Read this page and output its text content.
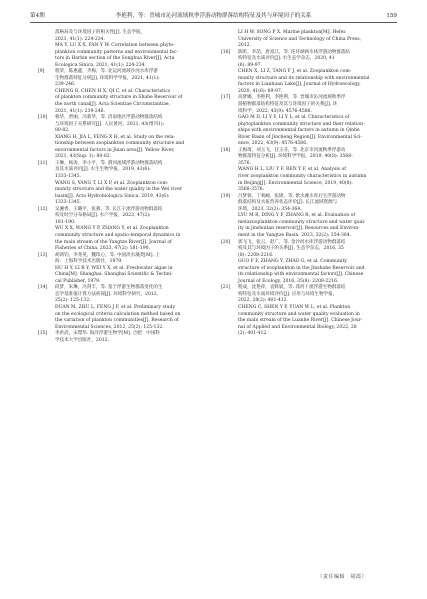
第4期	李艳利，等：晋城市沁河流域秋季浮游动物群落结构特征及其与环境因子的关系	159
落格局及与环境因子的相关性[J]. 生态学报，
2021, 41(1): 224-234.
MA Y, LU X X, FAN Y W. Correlation between phyto-
plankton community patterns and environmental fac-
tors in Harbin section of the Songhua River[J]. Acta
Ecologica Sinica, 2021, 41(1): 224-234.
[9] 程荣，陈惠鑫，齐梅，等. 北运河流域沙河水库浮游
生物群落特征分析[J]. 环境科学学报，2021, 41(1):
239-246.
CHENG R, CHEN H X, QI C, et al. Characteristics
of plankton community structure in Shahe Reservoir of
the north canal[J]. Acta Scientiae Circumstantiae,
2021, 41(1): 239-246.
[10] 相华，贾丽，冯新华，等. 济南地区浮游动物群落结构
与环境因子关系研究[J]. 人民黄河，2021, 43(增刊1):
80-82.
XIANG H, JIA L, FENG X H, et al. Study on the rela-
tionship between zooplankton community structure and
environmental factors in Jinan area[J]. Yellow River,
2021, 43(Sup. 1): 80-82.
[11] 王琳，杨涛，李小平，等. 渭河流域浮游动物群落结构
及其水质评价[J]. 水生生物学报，2019, 43(6):
1333-1345.
WANG S, YANG T, LI X P, et al. Zooplankton com-
munity structure and the water quality in the Wei river
basin[J]. Acta Hydrobiologica Sinica, 2019, 43(6):
1333-1345.
[12] 吴湘香，王璐平，张燕，等. 长江干流浮游动物群落结
构及时空分布格局[J]. 水产学报，2023, 47(2):
181-190.
WU X X, WANG Y P, ZHANG Y, et al. Zooplankton
community structure and spatio-temporal dynamics in
the main stream of the Yangtze River[J]. Journal of
Fisheries of China, 2023, 47(2): 181-190.
[13] 胡鸿钧，李尧英，魏印心，等. 中国淡水藻类[M]. 上
海：上海科学技术出版社，1979.
HU H Y, LI R Y, WEI Y X, et al. Freshwater algae in
China[M]. Shanghai: Shanghai Scientific & Techni-
cal Publisher, 1979.
[14] 段梦，朱琳，冯剑丰，等. 基于浮游生物群落变化的生
态学基准值计算方法初探[J]. 环境科学研究，2012,
25(2): 125-132.
DUAN M, ZHU L, FENG J F, et al. Preliminary study
on the ecological criteria calculation method based on
the variation of plankton communities[J]. Research of
Environmental Sciences, 2012, 25(2): 125-132.
[15] 李洪武，宋璟华. 海洋浮游生物学[M]. 合肥：中国科
学技术大学出版社，2012.
LI H W, SONG P X. Marine plankton[M]. Hefei:
University of Science and Technology of China Press,
2012.
[16] 陈昕，李喆，唐富江，等. 连环湖两水体浮游动物群落结
构特征及水质评价[J]. 水生态学杂志，2020, 41
(6): 89-97.
CHEN X, LI Z, TANG F J, et al. Zooplankton com-
munity structure and its relationship with environmental
factors in Lianhuan Lake[J]. Journal of Hydroecology,
2020, 41(6): 89-97.
[17] 高梦娜，李艳利，李艳利，等. 晋城市沁河流域秋季浮
游植物群落结构特征及其与环境因子的关系[J]. 环
境科学，2022, 43(9): 4576-4586.
GAO M D, LI Y F, LI Y L, et al. Characteristics of
phytoplankton community structure and their relation-
ships with environmental factors in autumn in Qinhe
River Basin of Jincheng Region[J]. Environmental Sci-
ence, 2022, 43(9): 4576-4586.
[18] 王梅琦，刘玉飞，任玉芬，等. 北京市河流秋季浮游动
物群落特征分析[J]. 环境科学学报，2019, 40(8): 3568-
3576.
WANG H L, LIU Y F, REN Y F, et al. Analysis of
river zooplankton community characteristics in autumn
in Beijing[J]. Environmental Science, 2019, 40(8):
3568-3576.
[19] 吕梦蓉，丁爽岫，张锦，等. 紫水滩水库后生浮游动物
群落结构及水质营养状态评价[J]. 长江流域资源与
环境，2023, 32(2): 354-364.
LYU M R, DING Y F, ZHANG R, et al. Evaluation of
metazooplankton community structure and water qual-
ity in jinshuitan reservoir[J]. Resources and Environ-
ment in the Yangtze Basin, 2023, 32(2): 354-364.
[20] 郭飞飞，张云，赵广，等. 金沙河水库浮游动物群落结
构及其与环境因子的关系[J]. 生态学杂志，2016, 35
(8): 2208-2216.
GUO F F, ZHANG Y, ZHAO G, et al. Community
structure of zooplankton in the Jinshahe Reservoir and
its relationship with environmental factors[J]. Chinese
Journal of Ecology, 2016, 35(8): 2208-2216.
[21] 程成，沈艳萍，袁辉斌，等. 滦河干流浮游生物群落结
构特征及水质环境评价[J]. 应用与环境生物学报，
2022, 28(2): 401-412.
CHENG C, SHEN Y P, YUAN W L, et al. Plankton
community structure and water quality evaluation in
the main stream of the Luanhe River[J]. Chinese Jour-
nal of Applied and Environmental Biology, 2022, 28
(2): 401-412.
（责任编辑　胡霞）
